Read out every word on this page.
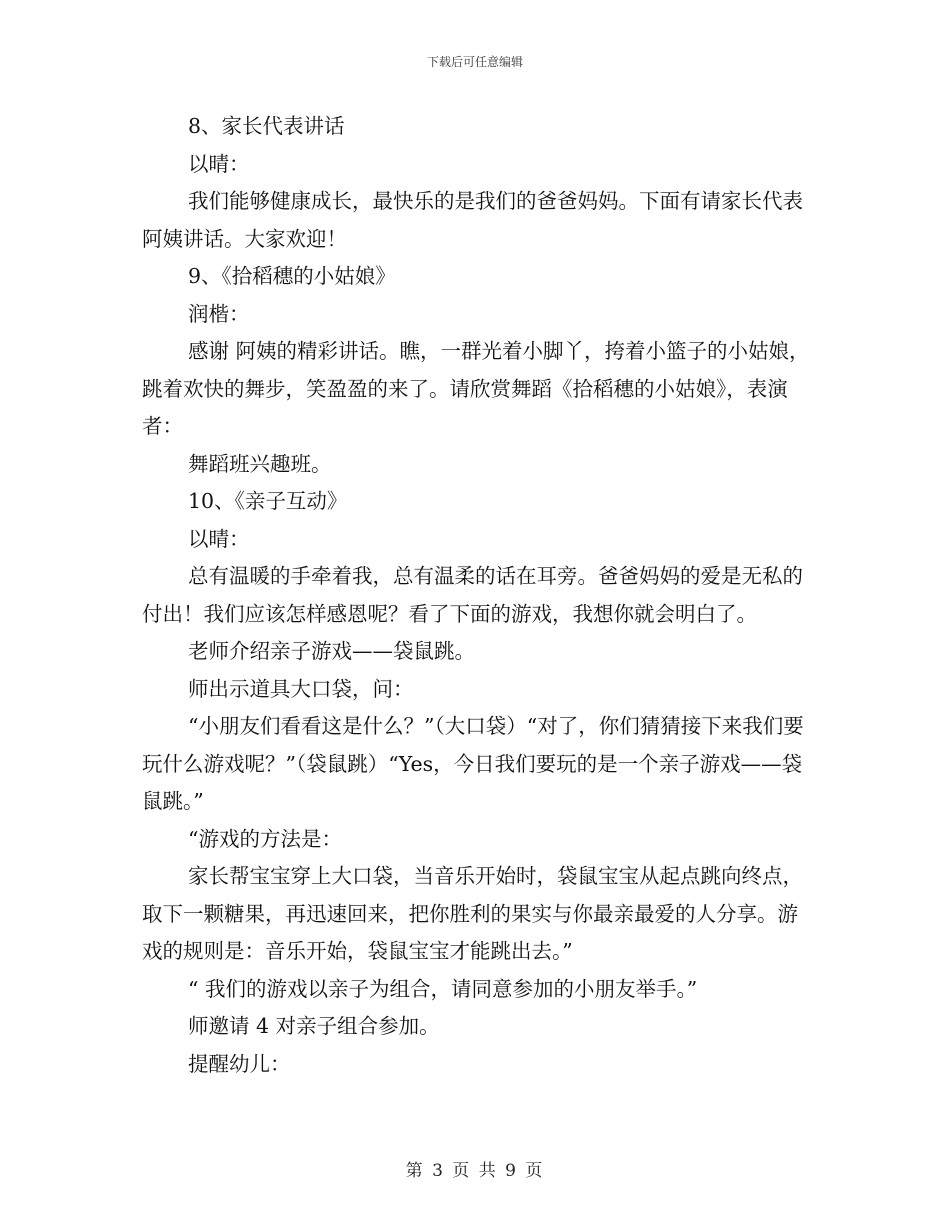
下载后可任意编辑

8、家长代表讲话

以晴：

我们能够健康成长，最快乐的是我们的爸爸妈妈。下面有请家长代表 阿姨讲话。大家欢迎！

9、《拾稻穗的小姑娘》

润楷：

感谢 阿姨的精彩讲话。瞧，一群光着小脚丫，挎着小篮子的小姑娘，跳着欢快的舞步，笑盈盈的来了。请欣赏舞蹈《拾稻穗的小姑娘》，表演者：

舞蹈班兴趣班。

10、《亲子互动》

以晴：

总有温暖的手牵着我，总有温柔的话在耳旁。爸爸妈妈的爱是无私的付出！我们应该怎样感恩呢？看了下面的游戏，我想你就会明白了。

老师介绍亲子游戏——袋鼠跳。

师出示道具大口袋，问：

“小朋友们看看这是什么？”（大口袋）“对了，你们猜猜接下来我们要玩什么游戏呢？”（袋鼠跳）“Yes，今日我们要玩的是一个亲子游戏——袋鼠跳。”

“游戏的方法是：

家长帮宝宝穿上大口袋，当音乐开始时，袋鼠宝宝从起点跳向终点，取下一颗糖果，再迅速回来，把你胜利的果实与你最亲最爱的人分享。游戏的规则是：音乐开始，袋鼠宝宝才能跳出去。”

“ 我们的游戏以亲子为组合，请同意参加的小朋友举手。”

师邀请 4 对亲子组合参加。

提醒幼儿：

第 3 页 共 9 页
